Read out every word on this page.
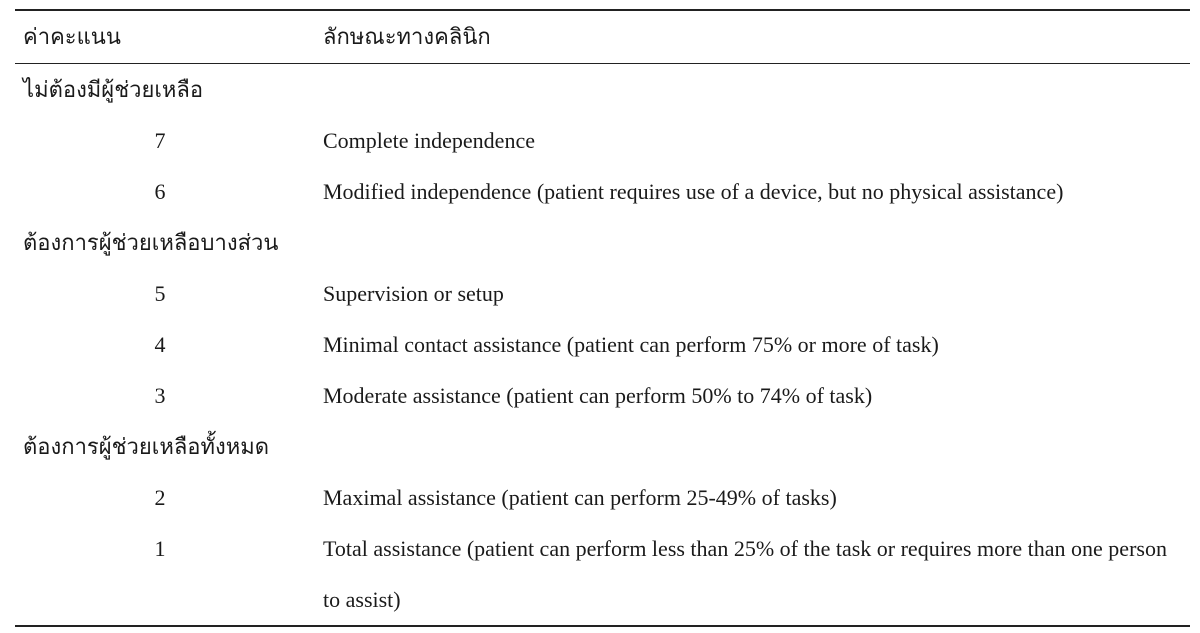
ค่าคะแนน	ลักษณะทางคลินิก
ไม่ต้องมีผู้ช่วยเหลือ
7	Complete independence
6	Modified independence (patient requires use of a device, but no physical assistance)
ต้องการผู้ช่วยเหลือบางส่วน
5	Supervision or setup
4	Minimal contact assistance (patient can perform 75% or more of task)
3	Moderate assistance (patient can perform 50% to 74% of task)
ต้องการผู้ช่วยเหลือทั้งหมด
2	Maximal assistance (patient can perform 25-49% of tasks)
1	Total assistance (patient can perform less than 25% of the task or requires more than one person to assist)
